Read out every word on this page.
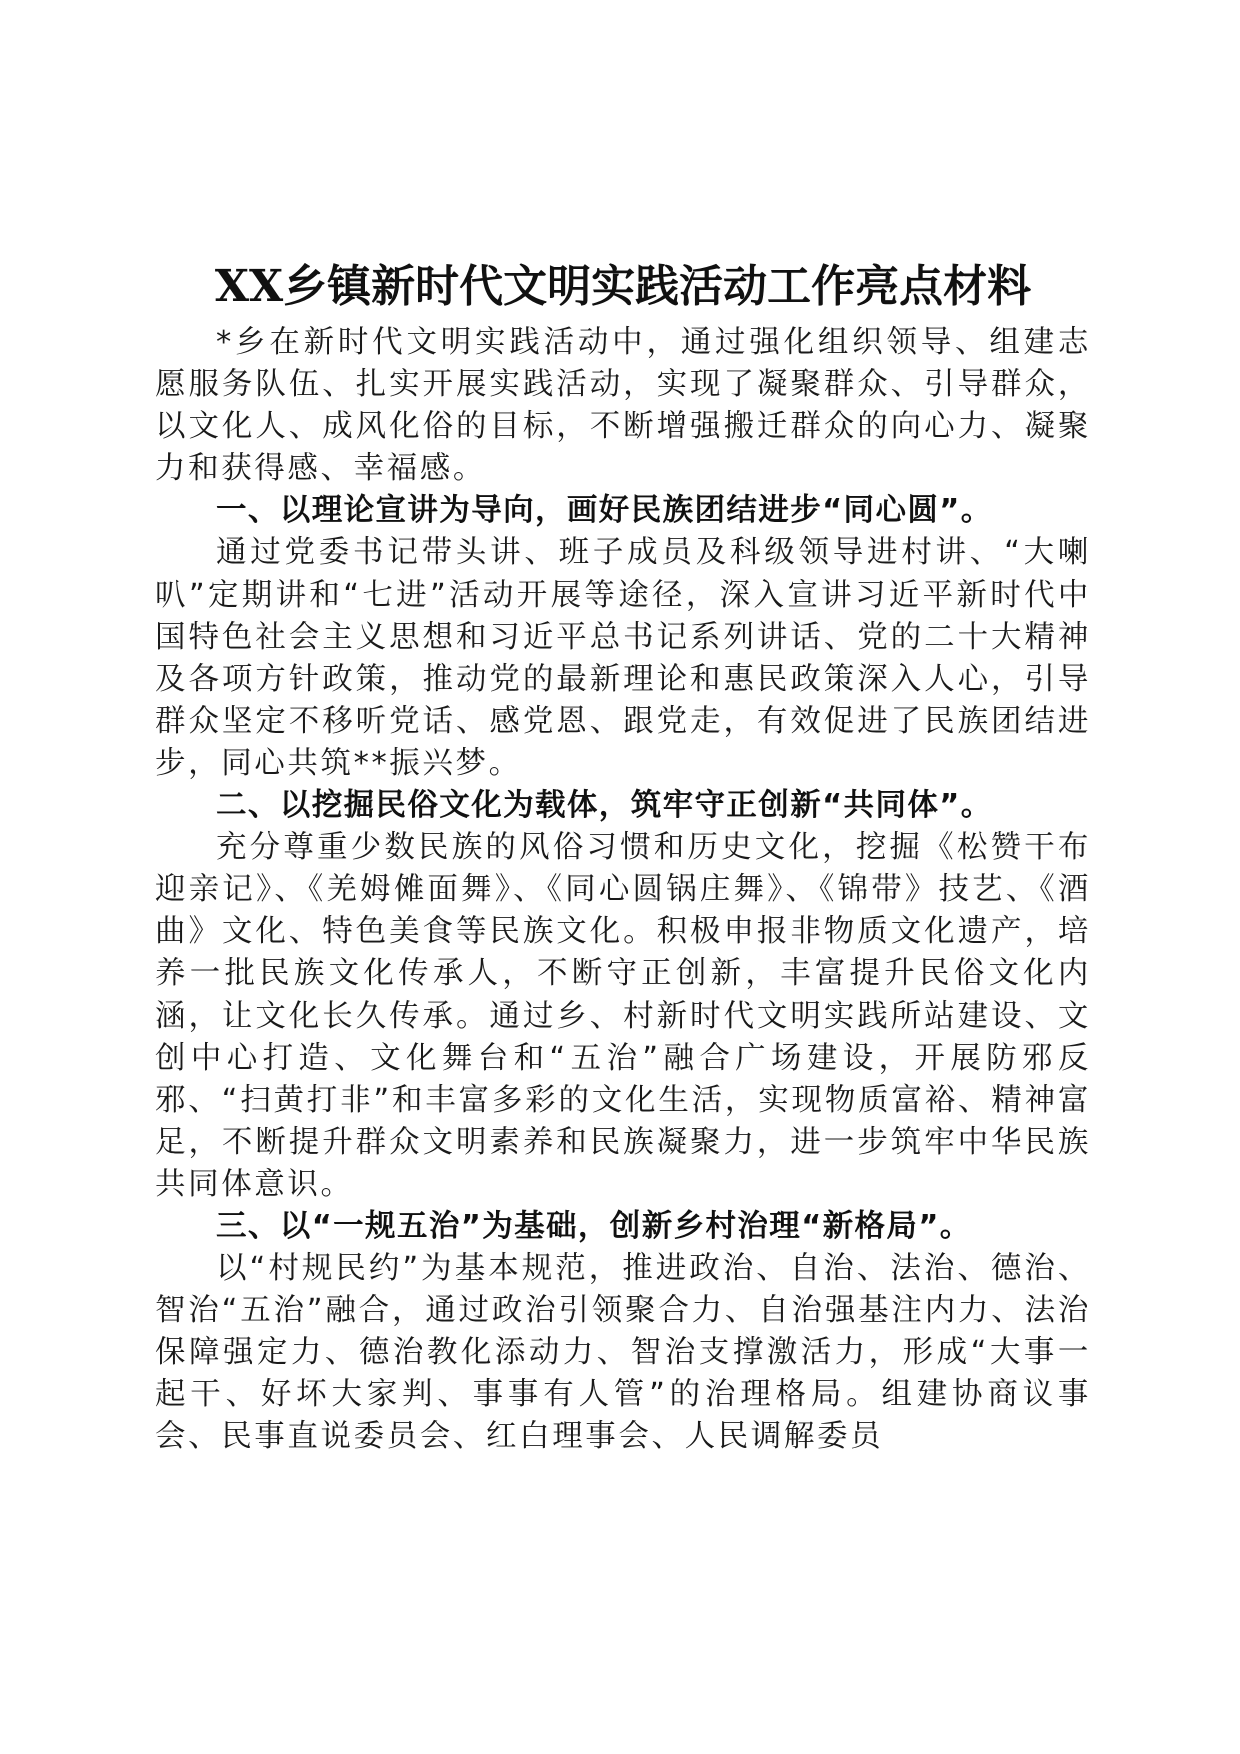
XX乡镇新时代文明实践活动工作亮点材料

*乡在新时代文明实践活动中，通过强化组织领导、组建志愿服务队伍、扎实开展实践活动，实现了凝聚群众、引导群众，以文化人、成风化俗的目标，不断增强搬迁群众的向心力、凝聚力和获得感、幸福感。

一、以理论宣讲为导向，画好民族团结进步“同心圆”。

通过党委书记带头讲、班子成员及科级领导进村讲、“大喇叭”定期讲和“七进”活动开展等途径，深入宣讲习近平新时代中国特色社会主义思想和习近平总书记系列讲话、党的二十大精神及各项方针政策，推动党的最新理论和惠民政策深入人心，引导群众坚定不移听党话、感党恩、跟党走，有效促进了民族团结进步，同心共筑**振兴梦。

二、以挖掘民俗文化为载体，筑牢守正创新“共同体”。

充分尊重少数民族的风俗习惯和历史文化，挖掘《松赞干布迎亲记》、《羌姆傩面舞》、《同心圆锅庄舞》、《锦带》技艺、《酒曲》文化、特色美食等民族文化。积极申报非物质文化遗产，培养一批民族文化传承人，不断守正创新，丰富提升民俗文化内涵，让文化长久传承。通过乡、村新时代文明实践所站建设、文创中心打造、文化舞台和“五治”融合广场建设，开展防邪反邪、“扫黄打非”和丰富多彩的文化生活，实现物质富裕、精神富足，不断提升群众文明素养和民族凝聚力，进一步筑牢中华民族共同体意识。

三、以“一规五治”为基础，创新乡村治理“新格局”。

以“村规民约”为基本规范，推进政治、自治、法治、德治、智治“五治”融合，通过政治引领聚合力、自治强基注内力、法治保障强定力、德治教化添动力、智治支撑激活力，形成“大事一起干、好坏大家判、事事有人管”的治理格局。组建协商议事会、民事直说委员会、红白理事会、人民调解委员
